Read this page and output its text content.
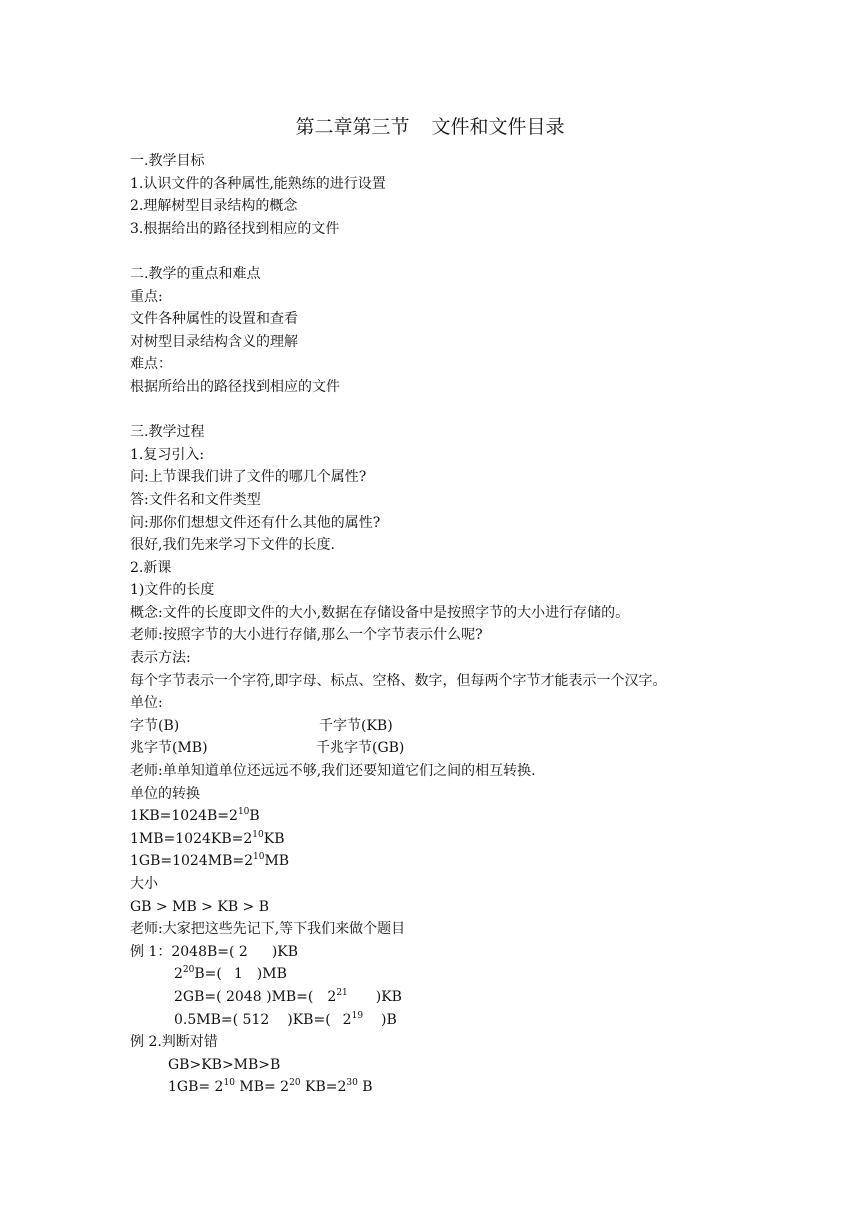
第二章第三节 文件和文件目录
一.教学目标
1.认识文件的各种属性,能熟练的进行设置
2.理解树型目录结构的概念
3.根据给出的路径找到相应的文件
二.教学的重点和难点
重点:
文件各种属性的设置和查看
对树型目录结构含义的理解
难点：
根据所给出的路径找到相应的文件
三.教学过程
1.复习引入:
问:上节课我们讲了文件的哪几个属性?
答:文件名和文件类型
问:那你们想想文件还有什么其他的属性?
很好,我们先来学习下文件的长度.
2.新课
1)文件的长度
概念:文件的长度即文件的大小,数据在存储设备中是按照字节的大小进行存储的。
老师:按照字节的大小进行存储,那么一个字节表示什么呢?
表示方法:
每个字节表示一个字符,即字母、标点、空格、数字，但每两个字节才能表示一个汉字。
单位:
字节(B)	千字节(KB)
兆字节(MB)	千兆字节(GB)
老师:单单知道单位还远远不够,我们还要知道它们之间的相互转换.
单位的转换
$1KB=1024B=2^{10}B$
$1MB=1024KB=2^{10}KB$
$1GB=1024MB=2^{10}MB$
大小
GB > MB > KB > B
老师:大家把这些先记下,等下我们来做个题目
例 1：2048B=( 2 )KB
$2^{20}B=$( 1 )MB
2GB=( 2048 )MB=( $2^{21}$ )KB
0.5MB=( 512 )KB=( $2^{19}$ )B
例 2.判断对错
GB>KB>MB>B
$1GB= 2^{10}$ $MB= 2^{20}$ $KB=2^{30}$ B
